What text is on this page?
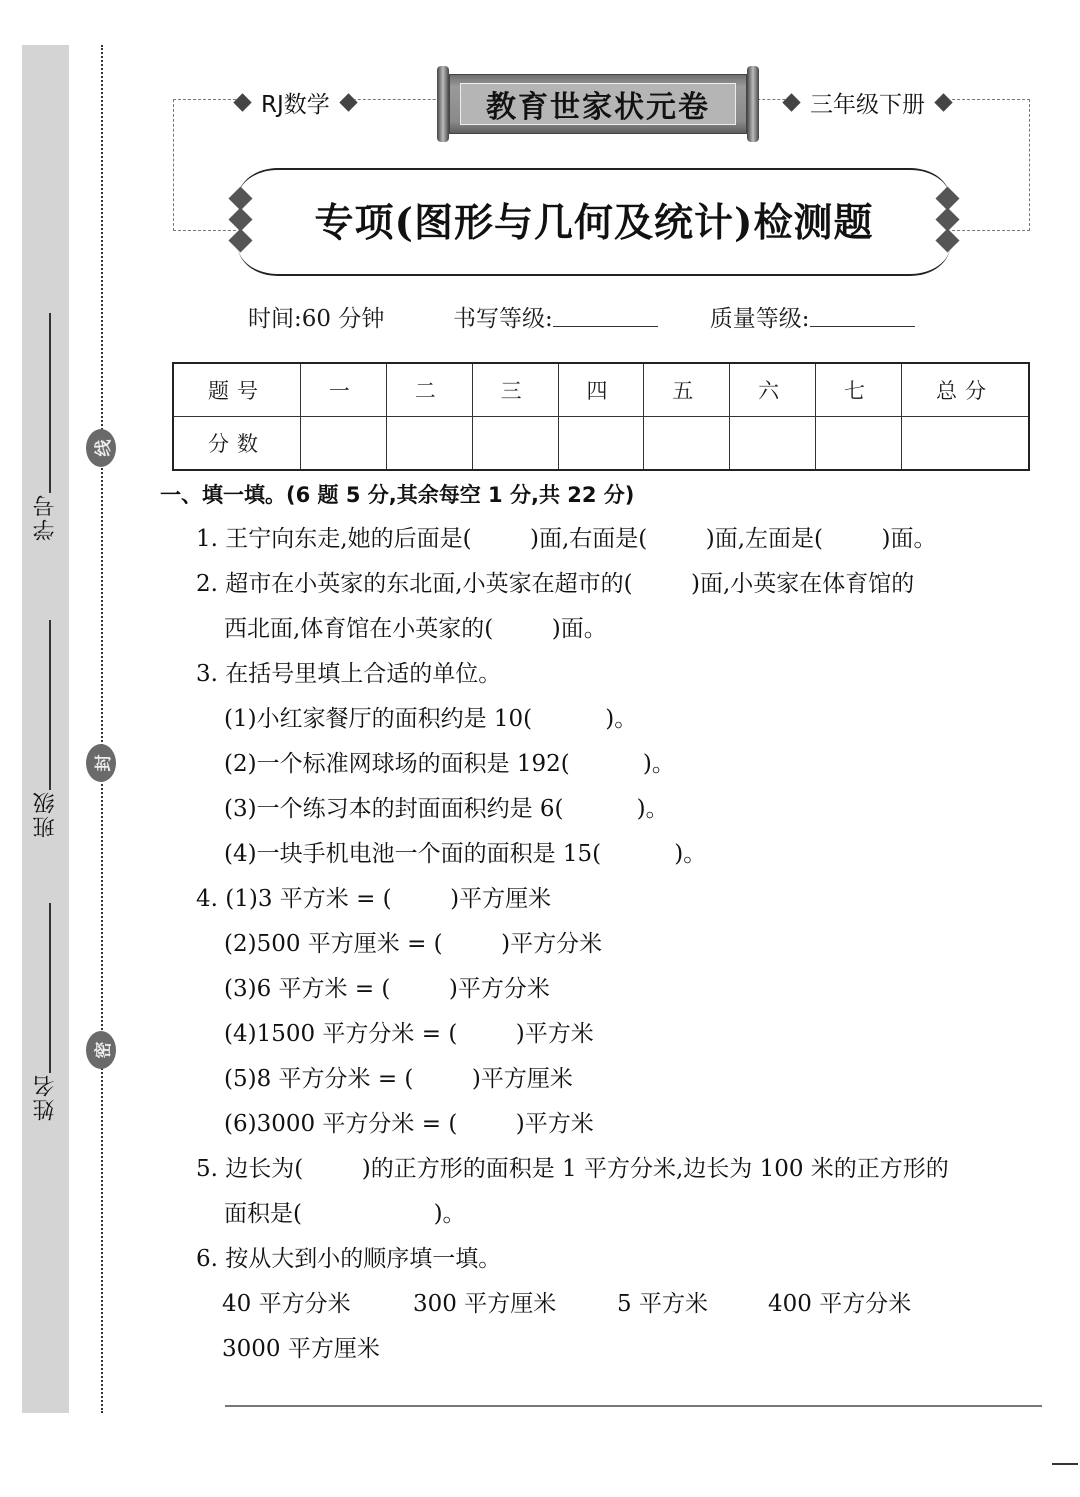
学号
班级
姓名
线
封
密
RJ数学	三年级下册
教育世家状元卷
专项(图形与几何及统计)检测题
时间:60 分钟	书写等级:	质量等级:
题号	一	二	三	四	五	六	七	总分
分数								
一、填一填。(6 题 5 分,其余每空 1 分,共 22 分)
1. 王宁向东走,她的后面是(        )面,右面是(        )面,左面是(        )面。
2. 超市在小英家的东北面,小英家在超市的(        )面,小英家在体育馆的
西北面,体育馆在小英家的(        )面。
3. 在括号里填上合适的单位。
(1)小红家餐厅的面积约是 10(          )。
(2)一个标准网球场的面积是 192(          )。
(3)一个练习本的封面面积约是 6(          )。
(4)一块手机电池一个面的面积是 15(          )。
4. (1)3 平方米 = (        )平方厘米
(2)500 平方厘米 = (        )平方分米
(3)6 平方米 = (        )平方分米
(4)1500 平方分米 = (        )平方米
(5)8 平方分米 = (        )平方厘米
(6)3000 平方分米 = (        )平方米
5. 边长为(        )的正方形的面积是 1 平方分米,边长为 100 米的正方形的
面积是(                  )。
6. 按从大到小的顺序填一填。
40 平方分米	300 平方厘米	5 平方米	400 平方分米
3000 平方厘米
